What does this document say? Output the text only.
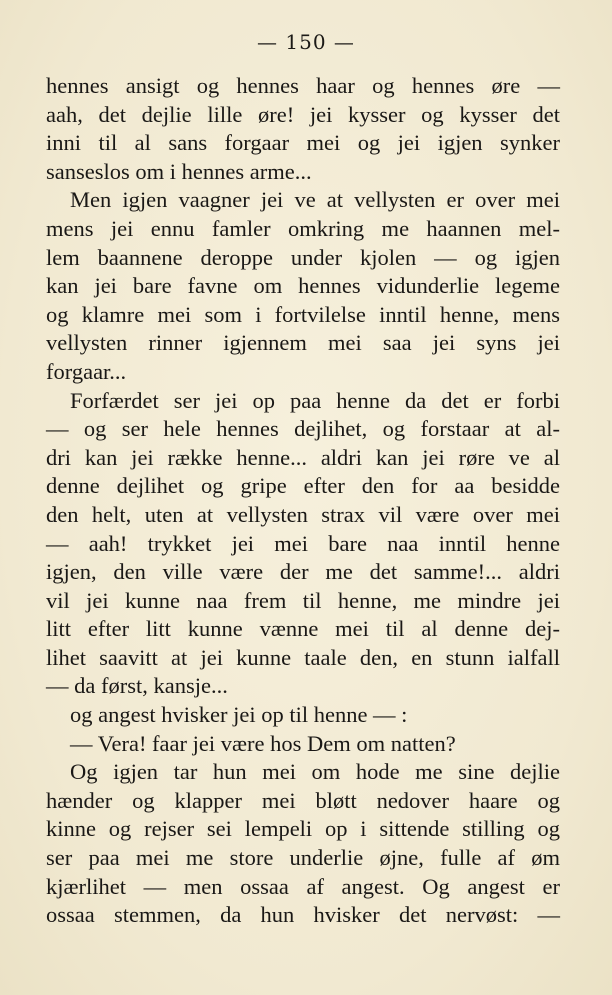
— 150 —
hennes ansigt og hennes haar og hennes øre —
aah, det dejlie lille øre! jei kysser og kysser det
inni til al sans forgaar mei og jei igjen synker
sanseslos om i hennes arme...
Men igjen vaagner jei ve at vellysten er over mei
mens jei ennu famler omkring me haannen mel-
lem baannene deroppe under kjolen — og igjen
kan jei bare favne om hennes vidunderlie legeme
og klamre mei som i fortvilelse inntil henne, mens
vellysten rinner igjennem mei saa jei syns jei
forgaar...
Forfærdet ser jei op paa henne da det er forbi
— og ser hele hennes dejlihet, og forstaar at al-
dri kan jei række henne... aldri kan jei røre ve al
denne dejlihet og gripe efter den for aa besidde
den helt, uten at vellysten strax vil være over mei
— aah! trykket jei mei bare naa inntil henne
igjen, den ville være der me det samme!... aldri
vil jei kunne naa frem til henne, me mindre jei
litt efter litt kunne vænne mei til al denne dej-
lihet saavitt at jei kunne taale den, en stunn ialfall
— da først, kansje...
og angest hvisker jei op til henne — :
— Vera! faar jei være hos Dem om natten?
Og igjen tar hun mei om hode me sine dejlie
hænder og klapper mei bløtt nedover haare og
kinne og rejser sei lempeli op i sittende stilling og
ser paa mei me store underlie øjne, fulle af øm
kjærlihet — men ossaa af angest. Og angest er
ossaa stemmen, da hun hvisker det nervøst: —
